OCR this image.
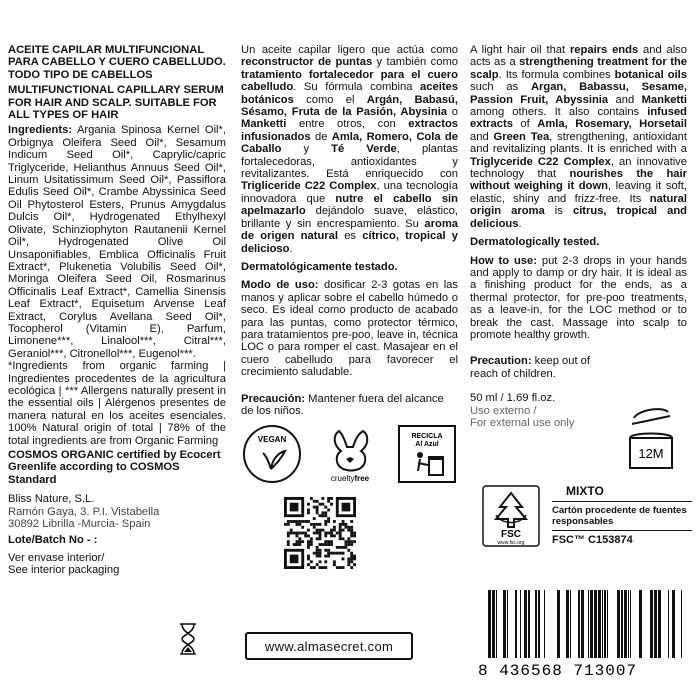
ACEITE CAPILAR MULTIFUNCIONAL PARA CABELLO Y CUERO CABELLUDO. TODO TIPO DE CABELLOS

MULTIFUNCTIONAL CAPILLARY SERUM FOR HAIR AND SCALP. SUITABLE FOR ALL TYPES OF HAIR

Ingredients: Argania Spinosa Kernel Oil*, Orbignya Oleifera Seed Oil*, Sesamum Indicum Seed Oil*, Caprylic/capric Triglyceride, Helianthus Annuus Seed Oil*, Linum Usitatissimum Seed Oil*, Passiflora Edulis Seed Oil*, Crambe Abyssinica Seed Oil Phytosterol Esters, Prunus Amygdalus Dulcis Oil*, Hydrogenated Ethylhexyl Olivate, Schinziophyton Rautanenii Kernel Oil*, Hydrogenated Olive Oil Unsaponifiables, Emblica Officinalis Fruit Extract*, Plukenetia Volubilis Seed Oil*, Moringa Oleifera Seed Oil, Rosmarinus Officinalis Leaf Extract*, Camellia Sinensis Leaf Extract*, Equisetum Arvense Leaf Extract, Corylus Avellana Seed Oil*, Tocopherol (Vitamin E), Parfum, Limonene***, Linalool***, Citral***, Geraniol***, Citronellol***, Eugenol***.

*Ingredients from organic farming | Ingredientes procedentes de la agricultura ecológica | *** Allergens naturally present in the essential oils | Alérgenos presentes de manera natural en los aceites esenciales. 100% Natural origin of total | 78% of the total ingredients are from Organic Farming

COSMOS ORGANIC certified by Ecocert Greenlife according to COSMOS Standard

Bliss Nature, S.L.

Ramón Gaya, 3. P.I. Vistabella

30892 Librilla -Murcia- Spain

Lote/Batch No - :

Ver envase interior/

See interior packaging

Un aceite capilar ligero que actúa como reconstructor de puntas y también como tratamiento fortalecedor para el cuero cabelludo. Su fórmula combina aceites botánicos como el Argán, Babasú, Sésamo, Fruta de la Pasión, Abysinia o Manketti entre otros, con extractos infusionados de Amla, Romero, Cola de Caballo y Té Verde, plantas fortalecedoras, antioxidantes y revitalizantes. Está enriquecido con Trigliceride C22 Complex, una tecnología innovadora que nutre el cabello sin apelmazarlo dejándolo suave, elástico, brillante y sin encrespamiento. Su aroma de origen natural es cítrico, tropical y delicioso.

Dermatológicamente testado.

Modo de uso: dosificar 2-3 gotas en las manos y aplicar sobre el cabello húmedo o seco. Es ideal como producto de acabado para las puntas, como protector térmico, para tratamientos pre-poo, leave in, técnica LOC o para romper el cast. Masajear en el cuero cabelludo para favorecer el crecimiento saludable.

Precaución: Mantener fuera del alcance de los niños.

VEGAN
crueltyfree
RECICLA
Al Azul
www.almasecret.com

A light hair oil that repairs ends and also acts as a strengthening treatment for the scalp. Its formula combines botanical oils such as Argan, Babassu, Sesame, Passion Fruit, Abyssinia and Manketti among others. It also contains infused extracts of Amla, Rosemary, Horsetail and Green Tea, strengthening, antioxidant and revitalizing plants. It is enriched with a Triglyceride C22 Complex, an innovative technology that nourishes the hair without weighing it down, leaving it soft, elastic, shiny and frizz-free. Its natural origin aroma is citrus, tropical and delicious.

Dermatologically tested.

How to use: put 2-3 drops in your hands and apply to damp or dry hair. It is ideal as a finishing product for the ends, as a thermal protector, for pre-poo treatments, as a leave-in, for the LOC method or to break the cast. Massage into scalp to promote healthy growth.

Precaution: keep out of reach of children.

50 ml / 1.69 fl.oz.

Uso externo /

For external use only

12M
FSC
www.fsc.org
MIXTO
Cartón procedente de fuentes responsables
FSC™ C153874
8 436568 713007
